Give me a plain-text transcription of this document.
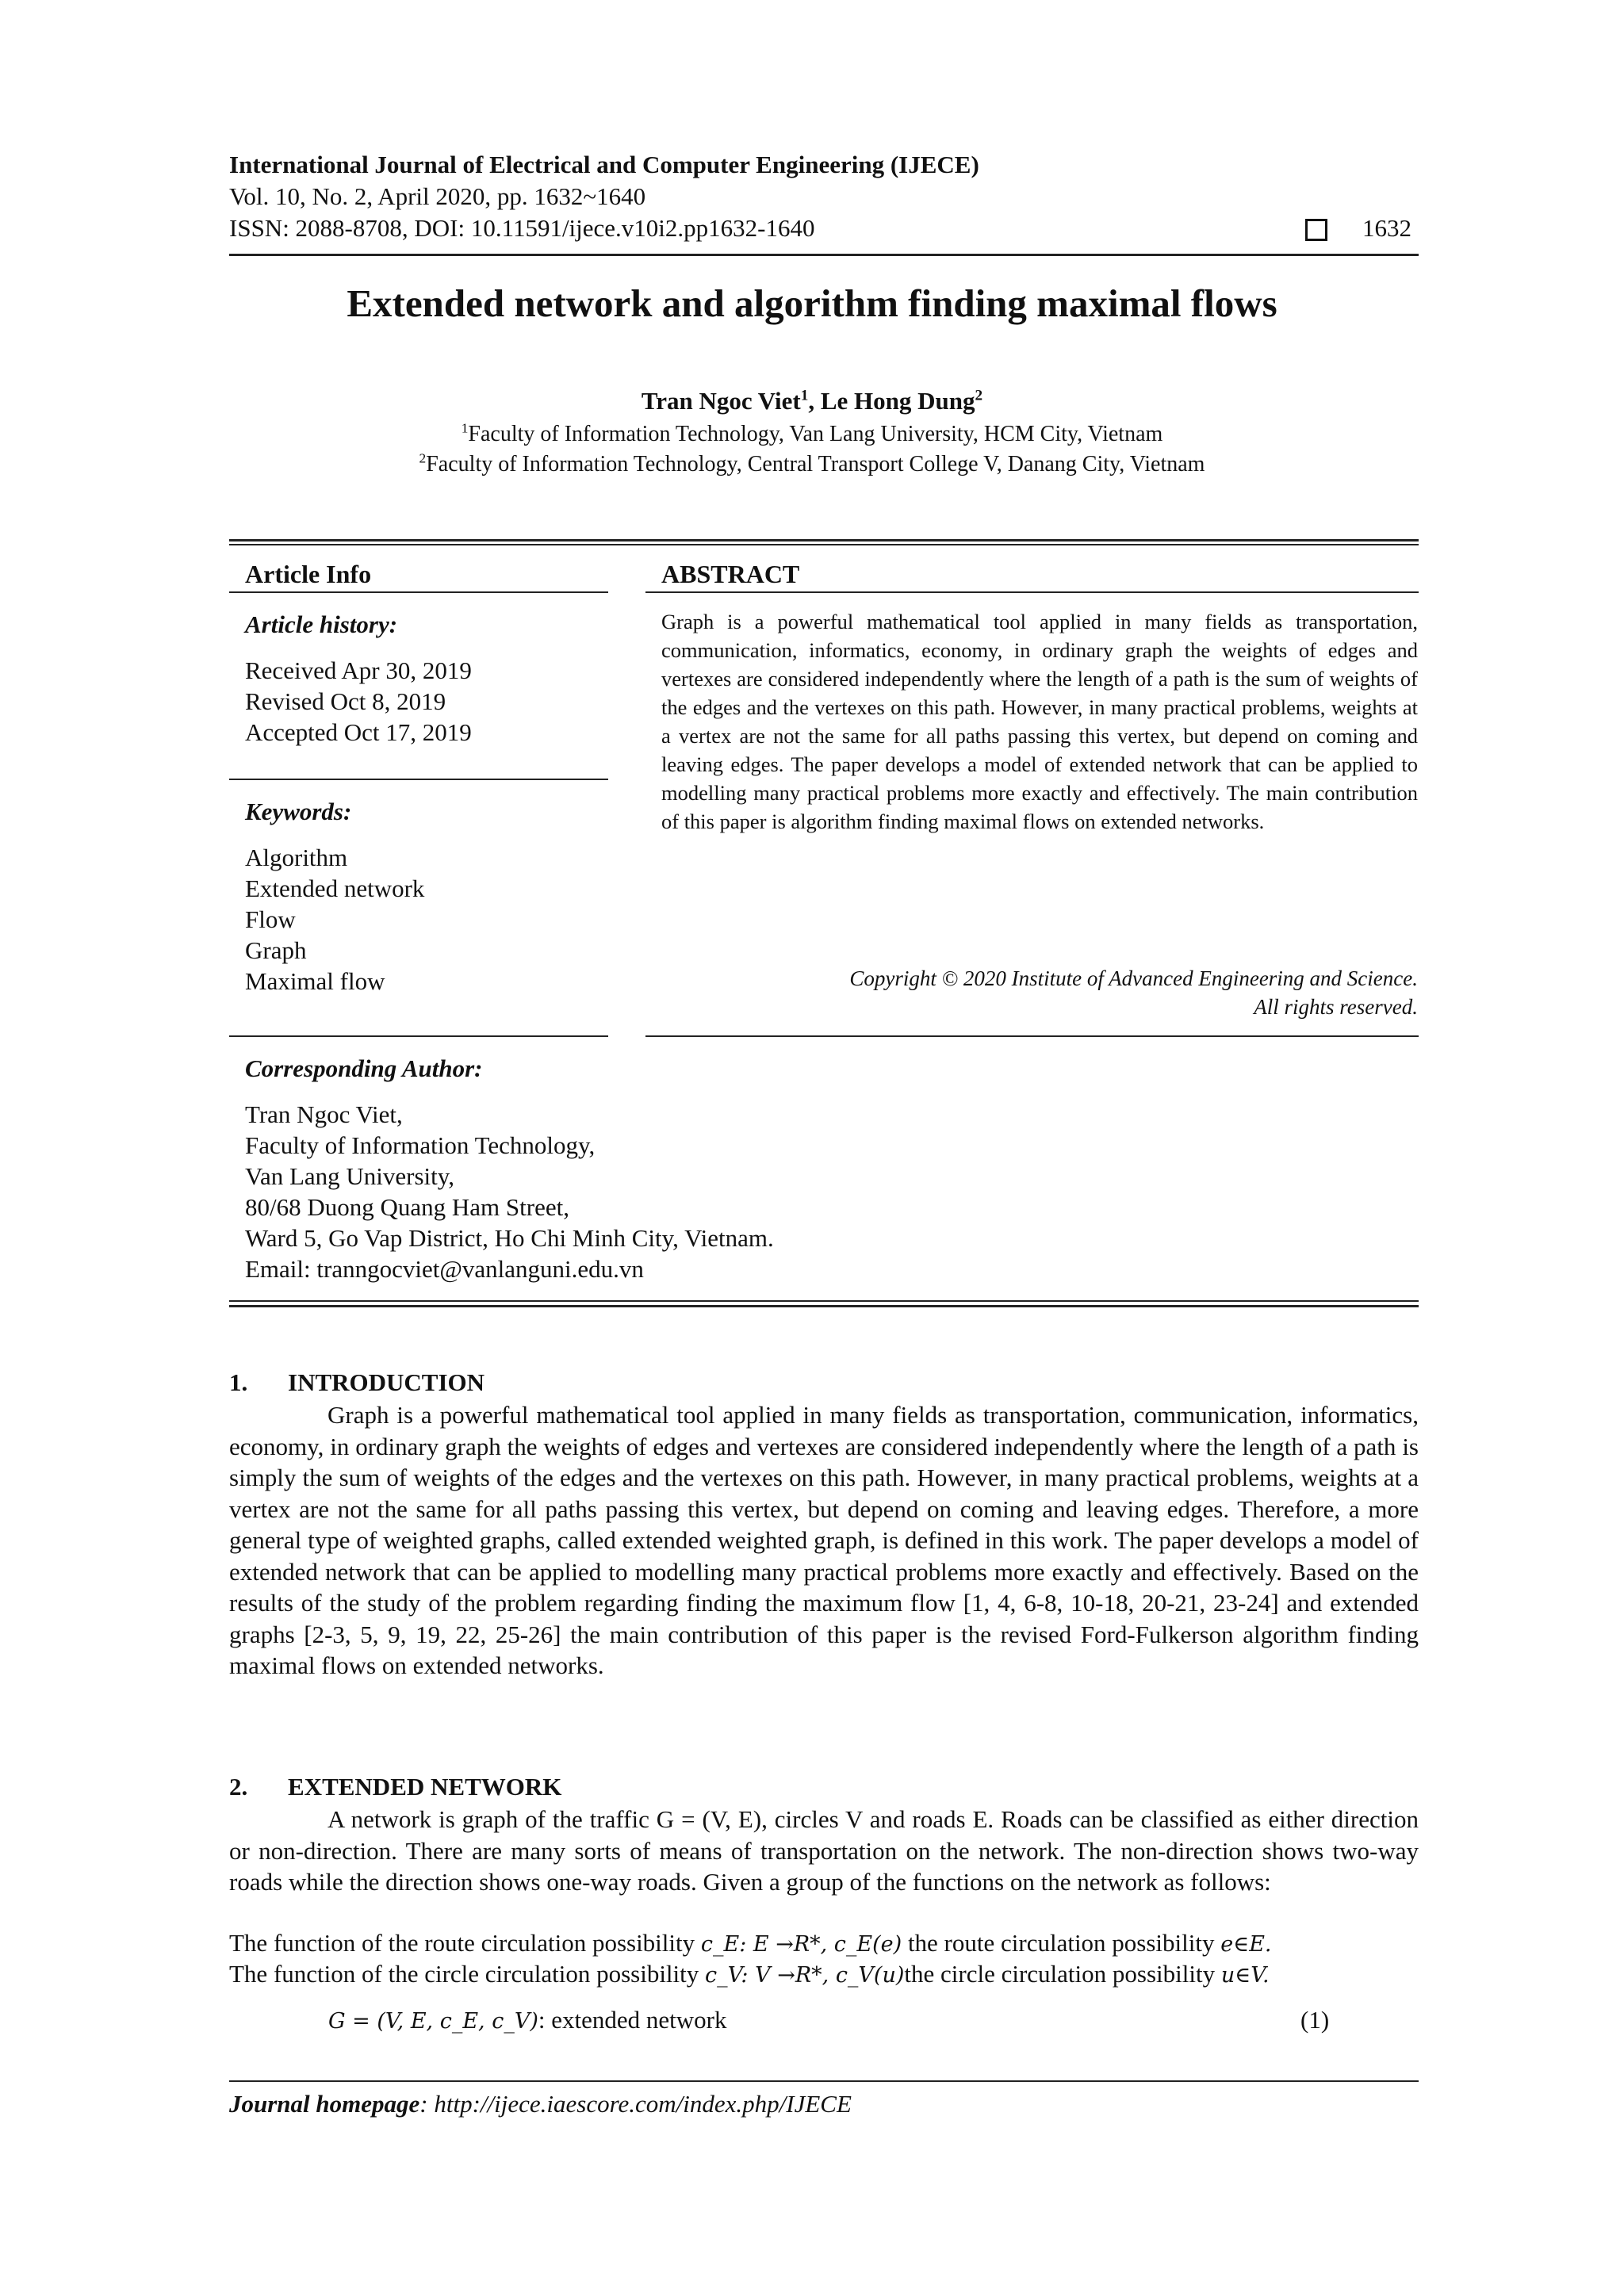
International Journal of Electrical and Computer Engineering (IJECE)
Vol. 10, No. 2, April 2020, pp. 1632~1640
ISSN: 2088-8708, DOI: 10.11591/ijece.v10i2.pp1632-1640	1632
Extended network and algorithm finding maximal flows
Tran Ngoc Viet$^1$, Le Hong Dung$^2$
$^1$Faculty of Information Technology, Van Lang University, HCM City, Vietnam
$^2$Faculty of Information Technology, Central Transport College V, Danang City, Vietnam
Article Info
Article history:
Received Apr 30, 2019
Revised Oct 8, 2019
Accepted Oct 17, 2019
Keywords:
Algorithm
Extended network
Flow
Graph
Maximal flow
ABSTRACT
Graph is a powerful mathematical tool applied in many fields as transportation, communication, informatics, economy, in ordinary graph the weights of edges and vertexes are considered independently where the length of a path is the sum of weights of the edges and the vertexes on this path. However, in many practical problems, weights at a vertex are not the same for all paths passing this vertex, but depend on coming and leaving edges. The paper develops a model of extended network that can be applied to modelling many practical problems more exactly and effectively. The main contribution of this paper is algorithm finding maximal flows on extended networks.
Copyright © 2020 Institute of Advanced Engineering and Science.
All rights reserved.
Corresponding Author:
Tran Ngoc Viet,
Faculty of Information Technology,
Van Lang University,
80/68 Duong Quang Ham Street,
Ward 5, Go Vap District, Ho Chi Minh City, Vietnam.
Email: tranngocviet@vanlanguni.edu.vn
1. INTRODUCTION
Graph is a powerful mathematical tool applied in many fields as transportation, communication, informatics, economy, in ordinary graph the weights of edges and vertexes are considered independently where the length of a path is simply the sum of weights of the edges and the vertexes on this path. However, in many practical problems, weights at a vertex are not the same for all paths passing this vertex, but depend on coming and leaving edges. Therefore, a more general type of weighted graphs, called extended weighted graph, is defined in this work. The paper develops a model of extended network that can be applied to modelling many practical problems more exactly and effectively. Based on the results of the study of the problem regarding finding the maximum flow [1, 4, 6-8, 10-18, 20-21, 23-24] and extended graphs [2-3, 5, 9, 19, 22, 25-26] the main contribution of this paper is the revised Ford-Fulkerson algorithm finding maximal flows on extended networks.
2. EXTENDED NETWORK
A network is graph of the traffic G = (V, E), circles V and roads E. Roads can be classified as either direction or non-direction. There are many sorts of means of transportation on the network. The non-direction shows two-way roads while the direction shows one-way roads. Given a group of the functions on the network as follows:
The function of the route circulation possibility c_E: E →R*, c_E(e) the route circulation possibility e∈E.
The function of the circle circulation possibility c_V: V →R*, c_V(u)the circle circulation possibility u∈V.
G = (V, E, c_E, c_V): extended network	(1)
Journal homepage: http://ijece.iaescore.com/index.php/IJECE
